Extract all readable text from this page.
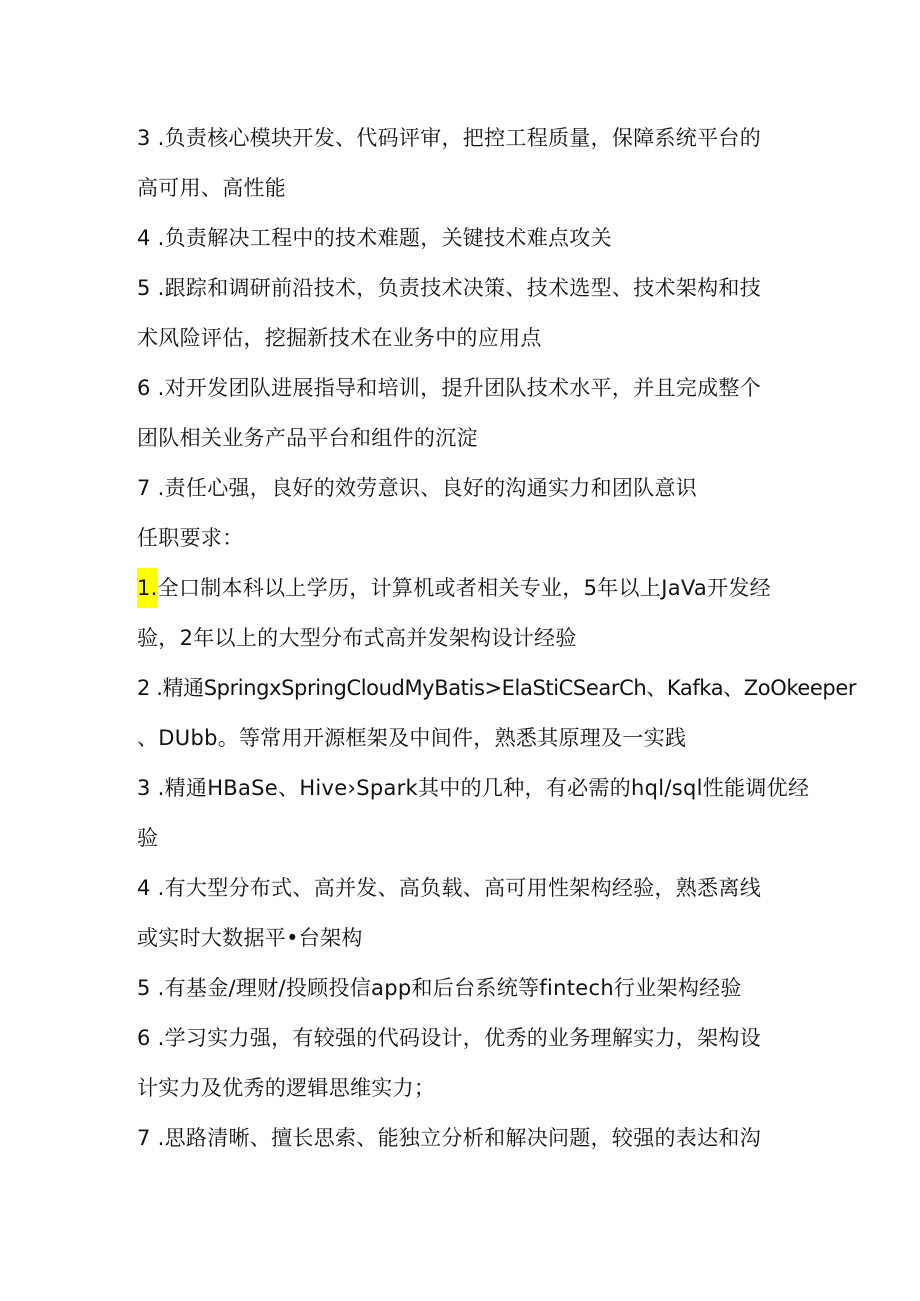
3 .负责核心模块开发、代码评审，把控工程质量，保障系统平台的
高可用、高性能
4 .负责解决工程中的技术难题，关键技术难点攻关
5 .跟踪和调研前沿技术，负责技术决策、技术选型、技术架构和技
术风险评估，挖掘新技术在业务中的应用点
6 .对开发团队进展指导和培训，提升团队技术水平，并且完成整个
团队相关业务产品平台和组件的沉淀
7 .责任心强，良好的效劳意识、良好的沟通实力和团队意识
任职要求：
1.全口制本科以上学历，计算机或者相关专业，5年以上JaVa开发经
验，2年以上的大型分布式高并发架构设计经验
2 .精通SpringxSpringCloudMyBatis>ElaStiCSearCh、Kafka、ZoOkeeper
、DUbb。等常用开源框架及中间件，熟悉其原理及一实践
3 .精通HBaSe、Hive›Spark其中的几种，有必需的hql/sql性能调优经
验
4 .有大型分布式、高并发、高负载、高可用性架构经验，熟悉离线
或实时大数据平•台架构
5 .有基金/理财/投顾投信app和后台系统等fintech行业架构经验
6 .学习实力强，有较强的代码设计，优秀的业务理解实力，架构设
计实力及优秀的逻辑思维实力；
7 .思路清晰、擅长思索、能独立分析和解决问题，较强的表达和沟
